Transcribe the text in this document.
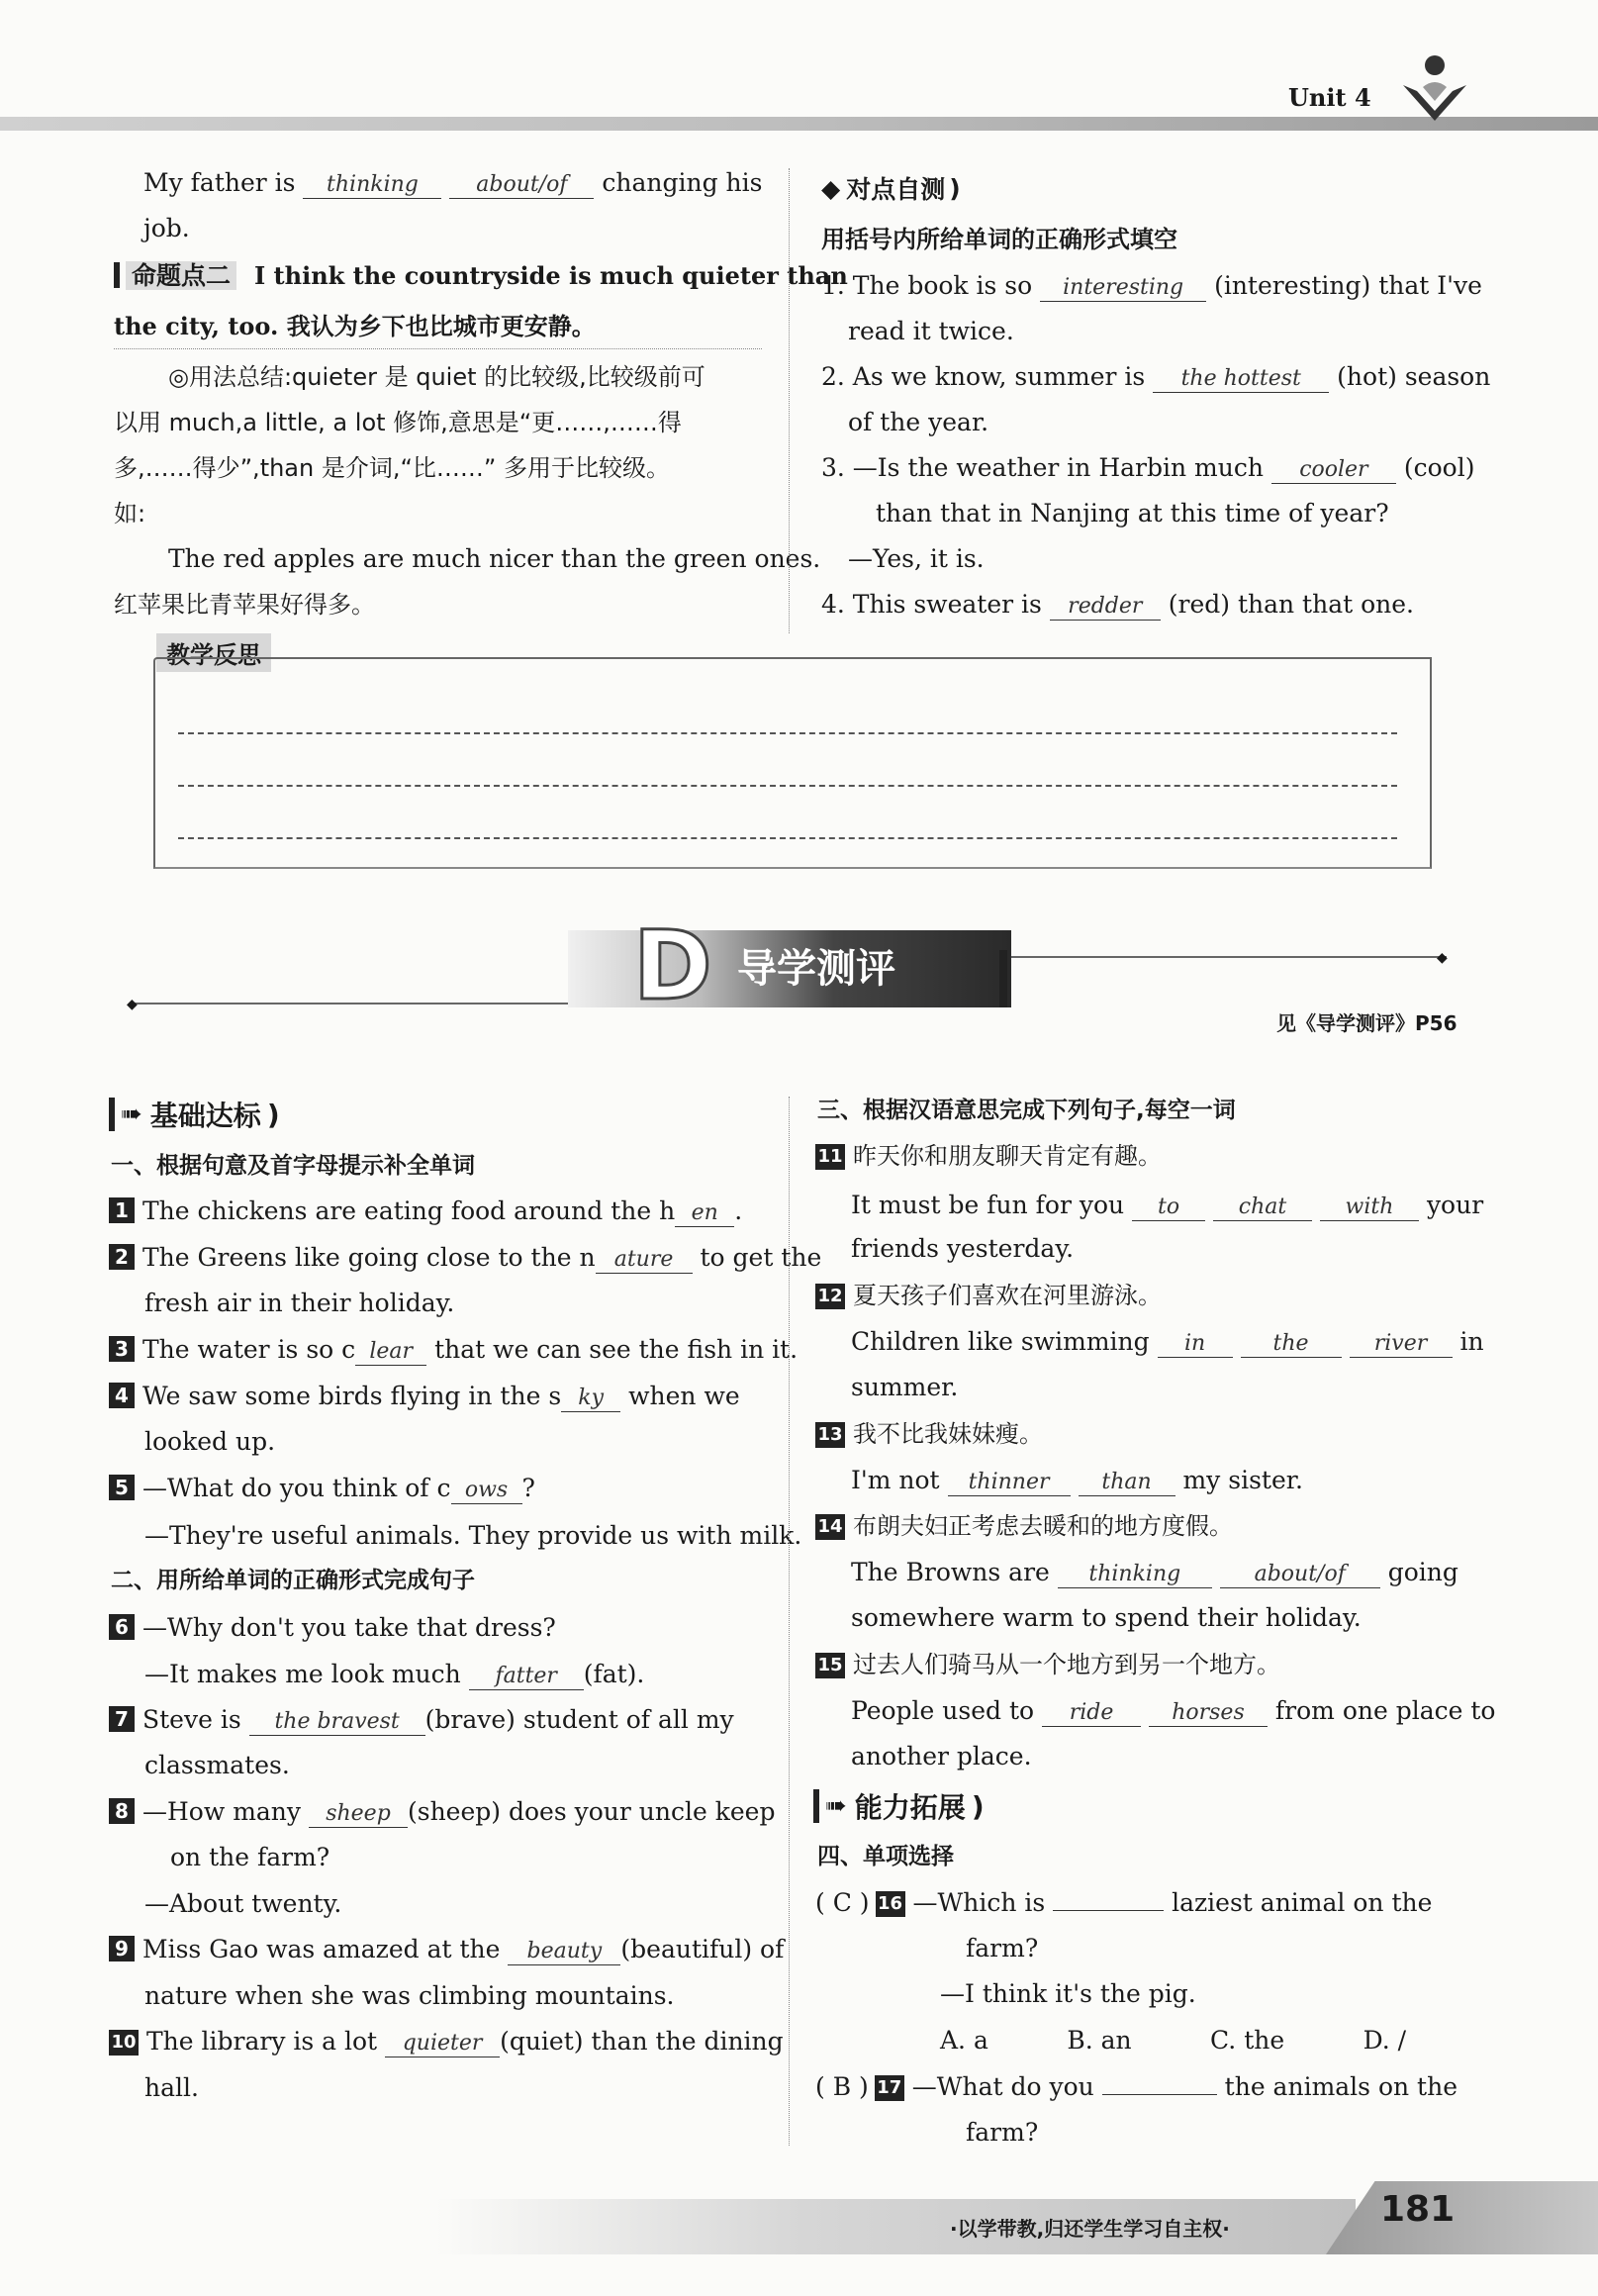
Unit 4
My father is thinking	about/of changing his
job.
命题点二 I think the countryside is much quieter than
the city, too. 我认为乡下也比城市更安静。
◎用法总结:quieter 是 quiet 的比较级,比较级前可
以用 much,a little, a lot 修饰,意思是“更……,……得
多,……得少”,than 是介词,“比……” 多用于比较级。
如:
The red apples are much nicer than the green ones.
红苹果比青苹果好得多。
◆ 对点自测 )
用括号内所给单词的正确形式填空
1. The book is so interesting (interesting) that I've
read it twice.
2. As we know, summer is the hottest (hot) season
of the year.
3. —Is the weather in Harbin much cooler (cool)
than that in Nanjing at this time of year?
—Yes, it is.
4. This sweater is redder (red) than that one.
教学反思
◆
◆
D 导学测评
见《导学测评》P56
➠ 基础达标 )
一、根据句意及首字母提示补全单词
1 The chickens are eating food around the h en .
2 The Greens like going close to the n ature to get the
fresh air in their holiday.
3 The water is so c lear that we can see the fish in it.
4 We saw some birds flying in the s ky when we
looked up.
5 —What do you think of c ows ?
—They're useful animals. They provide us with milk.
二、用所给单词的正确形式完成句子
6 —Why don't you take that dress?
—It makes me look much fatter (fat).
7 Steve is the bravest (brave) student of all my
classmates.
8 —How many sheep (sheep) does your uncle keep
on the farm?
—About twenty.
9 Miss Gao was amazed at the beauty (beautiful) of
nature when she was climbing mountains.
10 The library is a lot quieter (quiet) than the dining
hall.
三、根据汉语意思完成下列句子,每空一词
11 昨天你和朋友聊天肯定有趣。
It must be fun for you to	chat	with your
friends yesterday.
12 夏天孩子们喜欢在河里游泳。
Children like swimming in	the	river in
summer.
13 我不比我妹妹瘦。
I'm not thinner than my sister.
14 布朗夫妇正考虑去暖和的地方度假。
The Browns are thinking	about/of going
somewhere warm to spend their holiday.
15 过去人们骑马从一个地方到另一个地方。
People used to ride	horses from one place to
another place.
➠ 能力拓展 )
四、单项选择
( C ) 16 —Which is	laziest animal on the
farm?
—I think it's the pig.
A. a          B. an          C. the          D. /
( B ) 17 —What do you	the animals on the
farm?
·以学带教,归还学生学习自主权·	181
